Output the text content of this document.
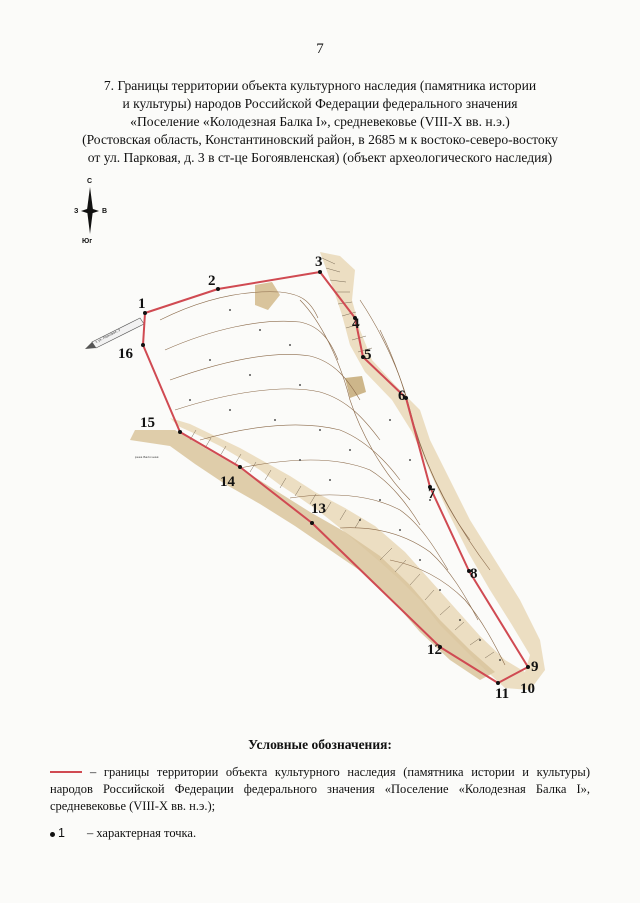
7
7. Границы территории объекта культурного наследия (памятника истории
и культуры) народов Российской Федерации федерального значения
«Поселение «Колодезная Балка I», средневековье (VIII-X вв. н.э.)
(Ростовская область, Константиновский район, в 2685 м к востоко-северо-востоку
от ул. Парковая, д. 3 в ст-це Богоявленская) (объект археологического наследия)
С
З	В
Юг
к ул. Парковая, 3
река Балочная
1
2
3
4
5
6
7
8
9
10
11
12
13
14
15
16
Условные обозначения:
– границы территории объекта культурного наследия (памятника истории и культуры) народов Российской Федерации федерального значения «Поселение «Колодезная Балка I», средневековье (VIII-X вв. н.э.);
1 – характерная точка.
